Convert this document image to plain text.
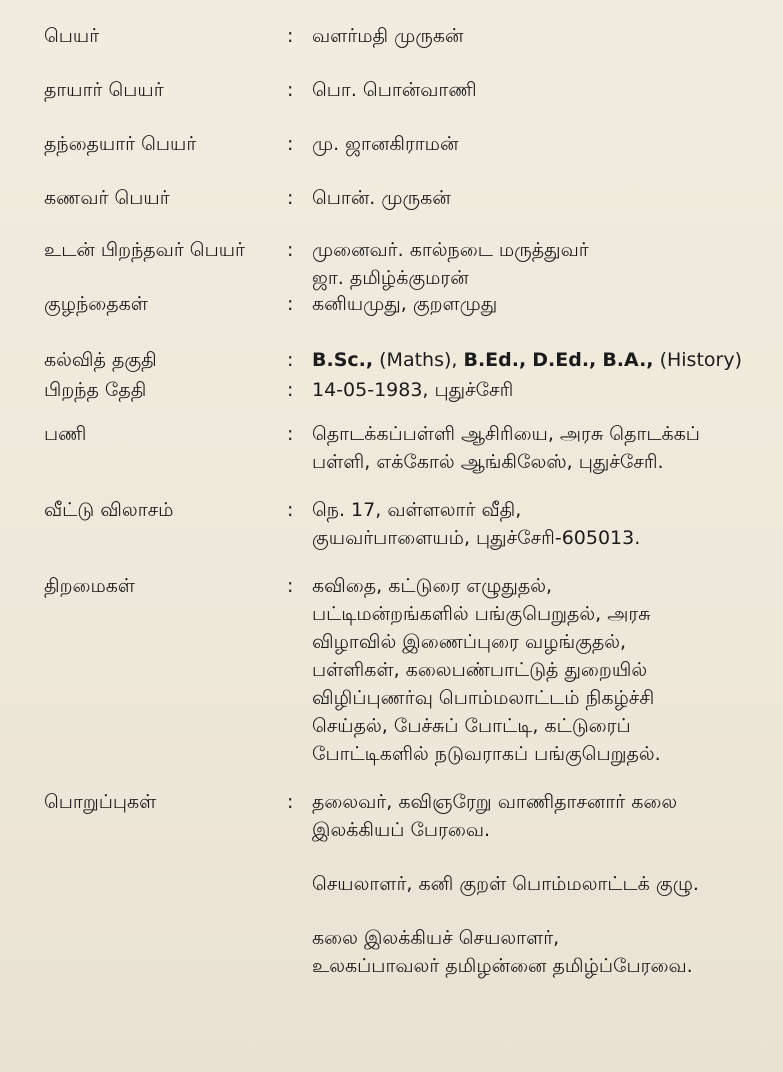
பெயர்	: வளர்மதி முருகன்

தாயார் பெயர்	: பொ. பொன்வாணி

தந்தையார் பெயர்	: மு. ஜானகிராமன்

கணவர் பெயர்	: பொன். முருகன்

உடன் பிறந்தவர் பெயர்	: முனைவர். கால்நடை மருத்துவர்

ஜா. தமிழ்க்குமரன்

குழந்தைகள்	: கனியமுது, குறளமுது

கல்வித் தகுதி	: B.Sc., (Maths), B.Ed., D.Ed., B.A., (History)

பிறந்த தேதி	: 14-05-1983, புதுச்சேரி

பணி	: தொடக்கப்பள்ளி ஆசிரியை, அரசு தொடக்கப்

பள்ளி, எக்கோல் ஆங்கிலேஸ், புதுச்சேரி.

வீட்டு விலாசம்	: நெ. 17, வள்ளலார் வீதி,

குயவர்பாளையம், புதுச்சேரி-605013.

திறமைகள்	: கவிதை, கட்டுரை எழுதுதல்,

பட்டிமன்றங்களில் பங்குபெறுதல், அரசு

விழாவில் இணைப்புரை வழங்குதல்,

பள்ளிகள், கலைபண்பாட்டுத் துறையில்

விழிப்புணர்வு பொம்மலாட்டம் நிகழ்ச்சி

செய்தல், பேச்சுப் போட்டி, கட்டுரைப்

போட்டிகளில் நடுவராகப் பங்குபெறுதல்.

பொறுப்புகள்	: தலைவர், கவிஞரேறு வாணிதாசனார் கலை

இலக்கியப் பேரவை.

செயலாளர், கனி குறள் பொம்மலாட்டக் குழு.

கலை இலக்கியச் செயலாளர்,

உலகப்பாவலர் தமிழன்னை தமிழ்ப்பேரவை.
